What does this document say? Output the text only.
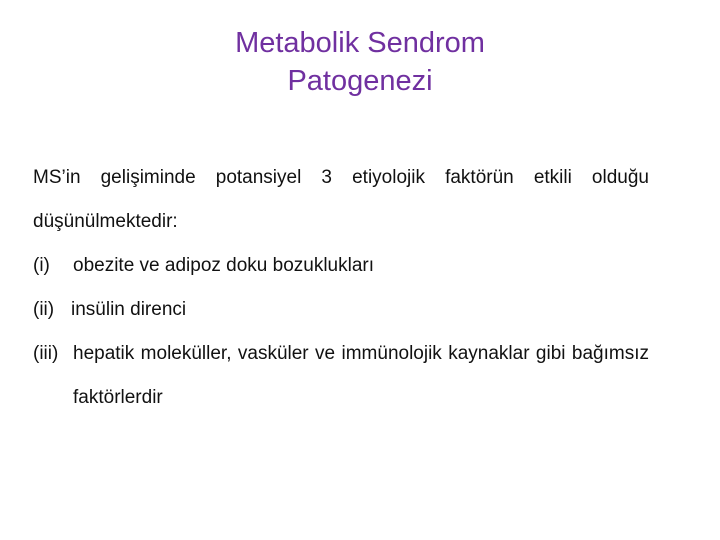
Metabolik Sendrom
Patogenezi

MS’in gelişiminde potansiyel 3 etiyolojik faktörün etkili olduğu düşünülmektedir:

(i) obezite ve adipoz doku bozuklukları

(ii) insülin direnci

(iii) hepatik moleküller, vasküler ve immünolojik kaynaklar gibi bağımsız faktörlerdir
